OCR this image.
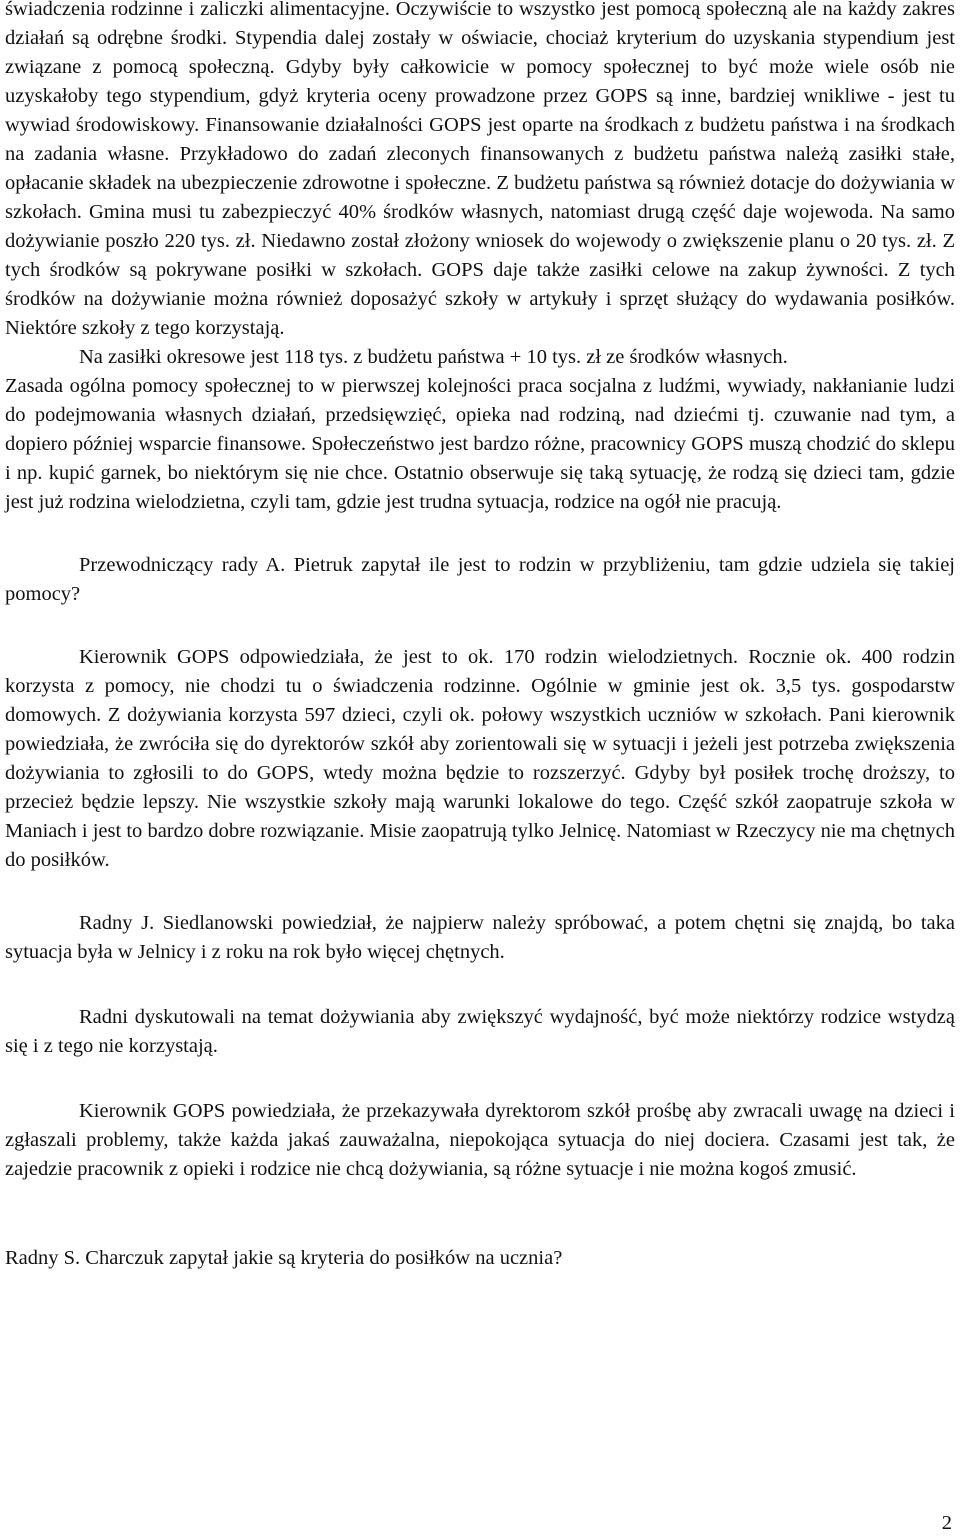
świadczenia rodzinne i zaliczki alimentacyjne. Oczywiście to wszystko jest pomocą społeczną ale na każdy zakres działań są odrębne środki. Stypendia dalej zostały w oświacie, chociaż kryterium do uzyskania stypendium jest związane z pomocą społeczną. Gdyby były całkowicie w pomocy społecznej to być może wiele osób nie uzyskałoby tego stypendium, gdyż kryteria oceny prowadzone przez GOPS są inne, bardziej wnikliwe - jest tu wywiad środowiskowy. Finansowanie działalności GOPS jest oparte na środkach z budżetu państwa i na środkach na zadania własne. Przykładowo do zadań zleconych finansowanych z budżetu państwa należą zasiłki stałe, opłacanie składek na ubezpieczenie zdrowotne i społeczne. Z budżetu państwa są również dotacje do dożywiania w szkołach. Gmina musi tu zabezpieczyć 40% środków własnych, natomiast drugą część daje wojewoda. Na samo dożywianie poszło 220 tys. zł. Niedawno został złożony wniosek do wojewody o zwiększenie planu o 20 tys. zł. Z tych środków są pokrywane posiłki w szkołach. GOPS daje także zasiłki celowe na zakup żywności. Z tych środków na dożywianie można również doposażyć szkoły w artykuły i sprzęt służący do wydawania posiłków. Niektóre szkoły z tego korzystają.

Na zasiłki okresowe jest 118 tys. z budżetu państwa + 10 tys. zł ze środków własnych.

Zasada ogólna pomocy społecznej to w pierwszej kolejności praca socjalna z ludźmi, wywiady, nakłanianie ludzi do podejmowania własnych działań, przedsięwzięć, opieka nad rodziną, nad dziećmi tj. czuwanie nad tym, a dopiero później wsparcie finansowe. Społeczeństwo jest bardzo różne, pracownicy GOPS muszą chodzić do sklepu i np. kupić garnek, bo niektórym się nie chce. Ostatnio obserwuje się taką sytuację, że rodzą się dzieci tam, gdzie jest już rodzina wielodzietna, czyli tam, gdzie jest trudna sytuacja, rodzice na ogół nie pracują.

Przewodniczący rady A. Pietruk zapytał ile jest to rodzin w przybliżeniu, tam gdzie udziela się takiej pomocy?

Kierownik GOPS odpowiedziała, że jest to ok. 170 rodzin wielodzietnych. Rocznie ok. 400 rodzin korzysta z pomocy, nie chodzi tu o świadczenia rodzinne. Ogólnie w gminie jest ok. 3,5 tys. gospodarstw domowych. Z dożywiania korzysta 597 dzieci, czyli ok. połowy wszystkich uczniów w szkołach. Pani kierownik powiedziała, że zwróciła się do dyrektorów szkół aby zorientowali się w sytuacji i jeżeli jest potrzeba zwiększenia dożywiania to zgłosili to do GOPS, wtedy można będzie to rozszerzyć. Gdyby był posiłek trochę droższy, to przecież będzie lepszy. Nie wszystkie szkoły mają warunki lokalowe do tego. Część szkół zaopatruje szkoła w Maniach i jest to bardzo dobre rozwiązanie. Misie zaopatrują tylko Jelnicę. Natomiast w Rzeczycy nie ma chętnych do posiłków.

Radny J. Siedlanowski powiedział, że najpierw należy spróbować, a potem chętni się znajdą, bo taka sytuacja była w Jelnicy i z roku na rok było więcej chętnych.

Radni dyskutowali na temat dożywiania aby zwiększyć wydajność, być może niektórzy rodzice wstydzą się i z tego nie korzystają.

Kierownik GOPS powiedziała, że przekazywała dyrektorom szkół prośbę aby zwracali uwagę na dzieci i zgłaszali problemy, także każda jakaś zauważalna, niepokojąca sytuacja do niej dociera. Czasami jest tak, że zajedzie pracownik z opieki i rodzice nie chcą dożywiania, są różne sytuacje i nie można kogoś zmusić.

Radny S. Charczuk zapytał jakie są kryteria do posiłków na ucznia?

2
